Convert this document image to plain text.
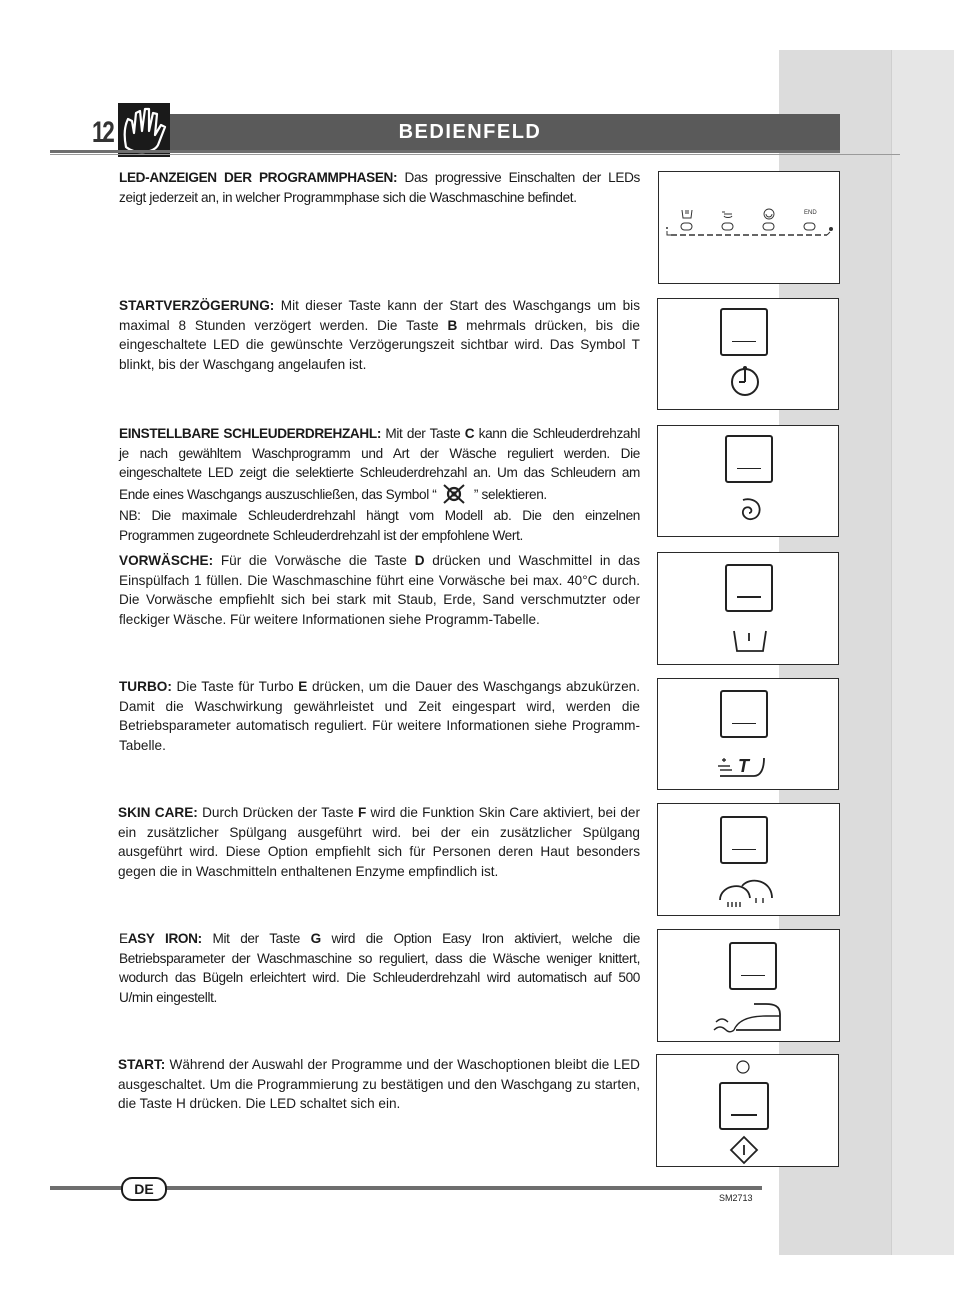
12	BEDIENFELD
LED-ANZEIGEN DER PROGRAMMPHASEN: Das progressive Einschalten der LEDs zeigt jederzeit an, in welcher Programmphase sich die Waschmaschine befindet.
END
STARTVERZÖGERUNG: Mit dieser Taste kann der Start des Waschgangs um bis maximal 8 Stunden verzögert werden. Die Taste B mehrmals drücken, bis die eingeschaltete LED die gewünschte Verzögerungszeit sichtbar wird. Das Symbol T blinkt, bis der Waschgang angelaufen ist.
EINSTELLBARE SCHLEUDERDREHZAHL: Mit der Taste C kann die Schleuderdrehzahl je nach gewähltem Waschprogramm und Art der Wäsche reguliert werden. Die eingeschaltete LED zeigt die selektierte Schleuderdrehzahl an. Um das Schleudern am Ende eines Waschgangs auszuschließen, das Symbol “	” selektieren.
NB: Die maximale Schleuderdrehzahl hängt vom Modell ab. Die den einzelnen Programmen zugeordnete Schleuderdrehzahl ist der empfohlene Wert.
VORWÄSCHE: Für die Vorwäsche die Taste D drücken und Waschmittel in das Einspülfach 1 füllen. Die Waschmaschine führt eine Vorwäsche bei max. 40°C durch. Die Vorwäsche empfiehlt sich bei stark mit Staub, Erde, Sand verschmutzter oder fleckiger Wäsche. Für weitere Informationen siehe Programm-Tabelle.
TURBO: Die Taste für Turbo E drücken, um die Dauer des Waschgangs abzukürzen. Damit die Waschwirkung gewährleistet und Zeit eingespart wird, werden die Betriebsparameter automatisch reguliert. Für weitere Informationen siehe Programm-Tabelle.
T
SKIN CARE: Durch Drücken der Taste F wird die Funktion Skin Care aktiviert, bei der ein zusätzlicher Spülgang ausgeführt wird. bei der ein zusätzlicher Spülgang ausgeführt wird. Diese Option empfiehlt sich für Personen deren Haut besonders gegen die in Waschmitteln enthaltenen Enzyme empfindlich ist.
EASY IRON: Mit der Taste G wird die Option Easy Iron aktiviert, welche die Betriebsparameter der Waschmaschine so reguliert, dass die Wäsche weniger knittert, wodurch das Bügeln erleichtert wird. Die Schleuderdrehzahl wird automatisch auf 500 U/min eingestellt.
START: Während der Auswahl der Programme und der Waschoptionen bleibt die LED ausgeschaltet. Um die Programmierung zu bestätigen und den Waschgang zu starten, die Taste H drücken. Die LED schaltet sich ein.
DE
SM2713
